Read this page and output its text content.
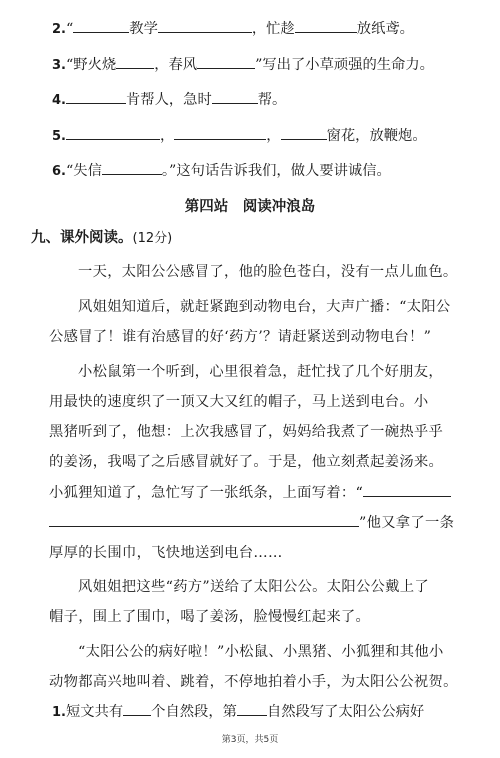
2.“	教学	，忙趁	放纸鸢。
3.“野火烧	，春风	”写出了小草顽强的生命力。
4.	肯帮人，急时	帮。
5.	，	，	窗花，放鞭炮。
6.“失信	。”这句话告诉我们，做人要讲诚信。
第四站　阅读冲浪岛
九、课外阅读。(12分)
一天，太阳公公感冒了，他的脸色苍白，没有一点儿血色。
风姐姐知道后，就赶紧跑到动物电台，大声广播：“太阳公
公感冒了！谁有治感冒的好‘药方’？请赶紧送到动物电台！”
小松鼠第一个听到，心里很着急，赶忙找了几个好朋友，
用最快的速度织了一顶又大又红的帽子，马上送到电台。小
黑猪听到了，他想：上次我感冒了，妈妈给我煮了一碗热乎乎
的姜汤，我喝了之后感冒就好了。于是，他立刻煮起姜汤来。
小狐狸知道了，急忙写了一张纸条，上面写着：“
”他又拿了一条
厚厚的长围巾，飞快地送到电台……
风姐姐把这些“药方”送给了太阳公公。太阳公公戴上了
帽子，围上了围巾，喝了姜汤，脸慢慢红起来了。
“太阳公公的病好啦！”小松鼠、小黑猪、小狐狸和其他小
动物都高兴地叫着、跳着，不停地拍着小手，为太阳公公祝贺。
1.短文共有 个自然段，第 自然段写了太阳公公病好
第3页，共5页
